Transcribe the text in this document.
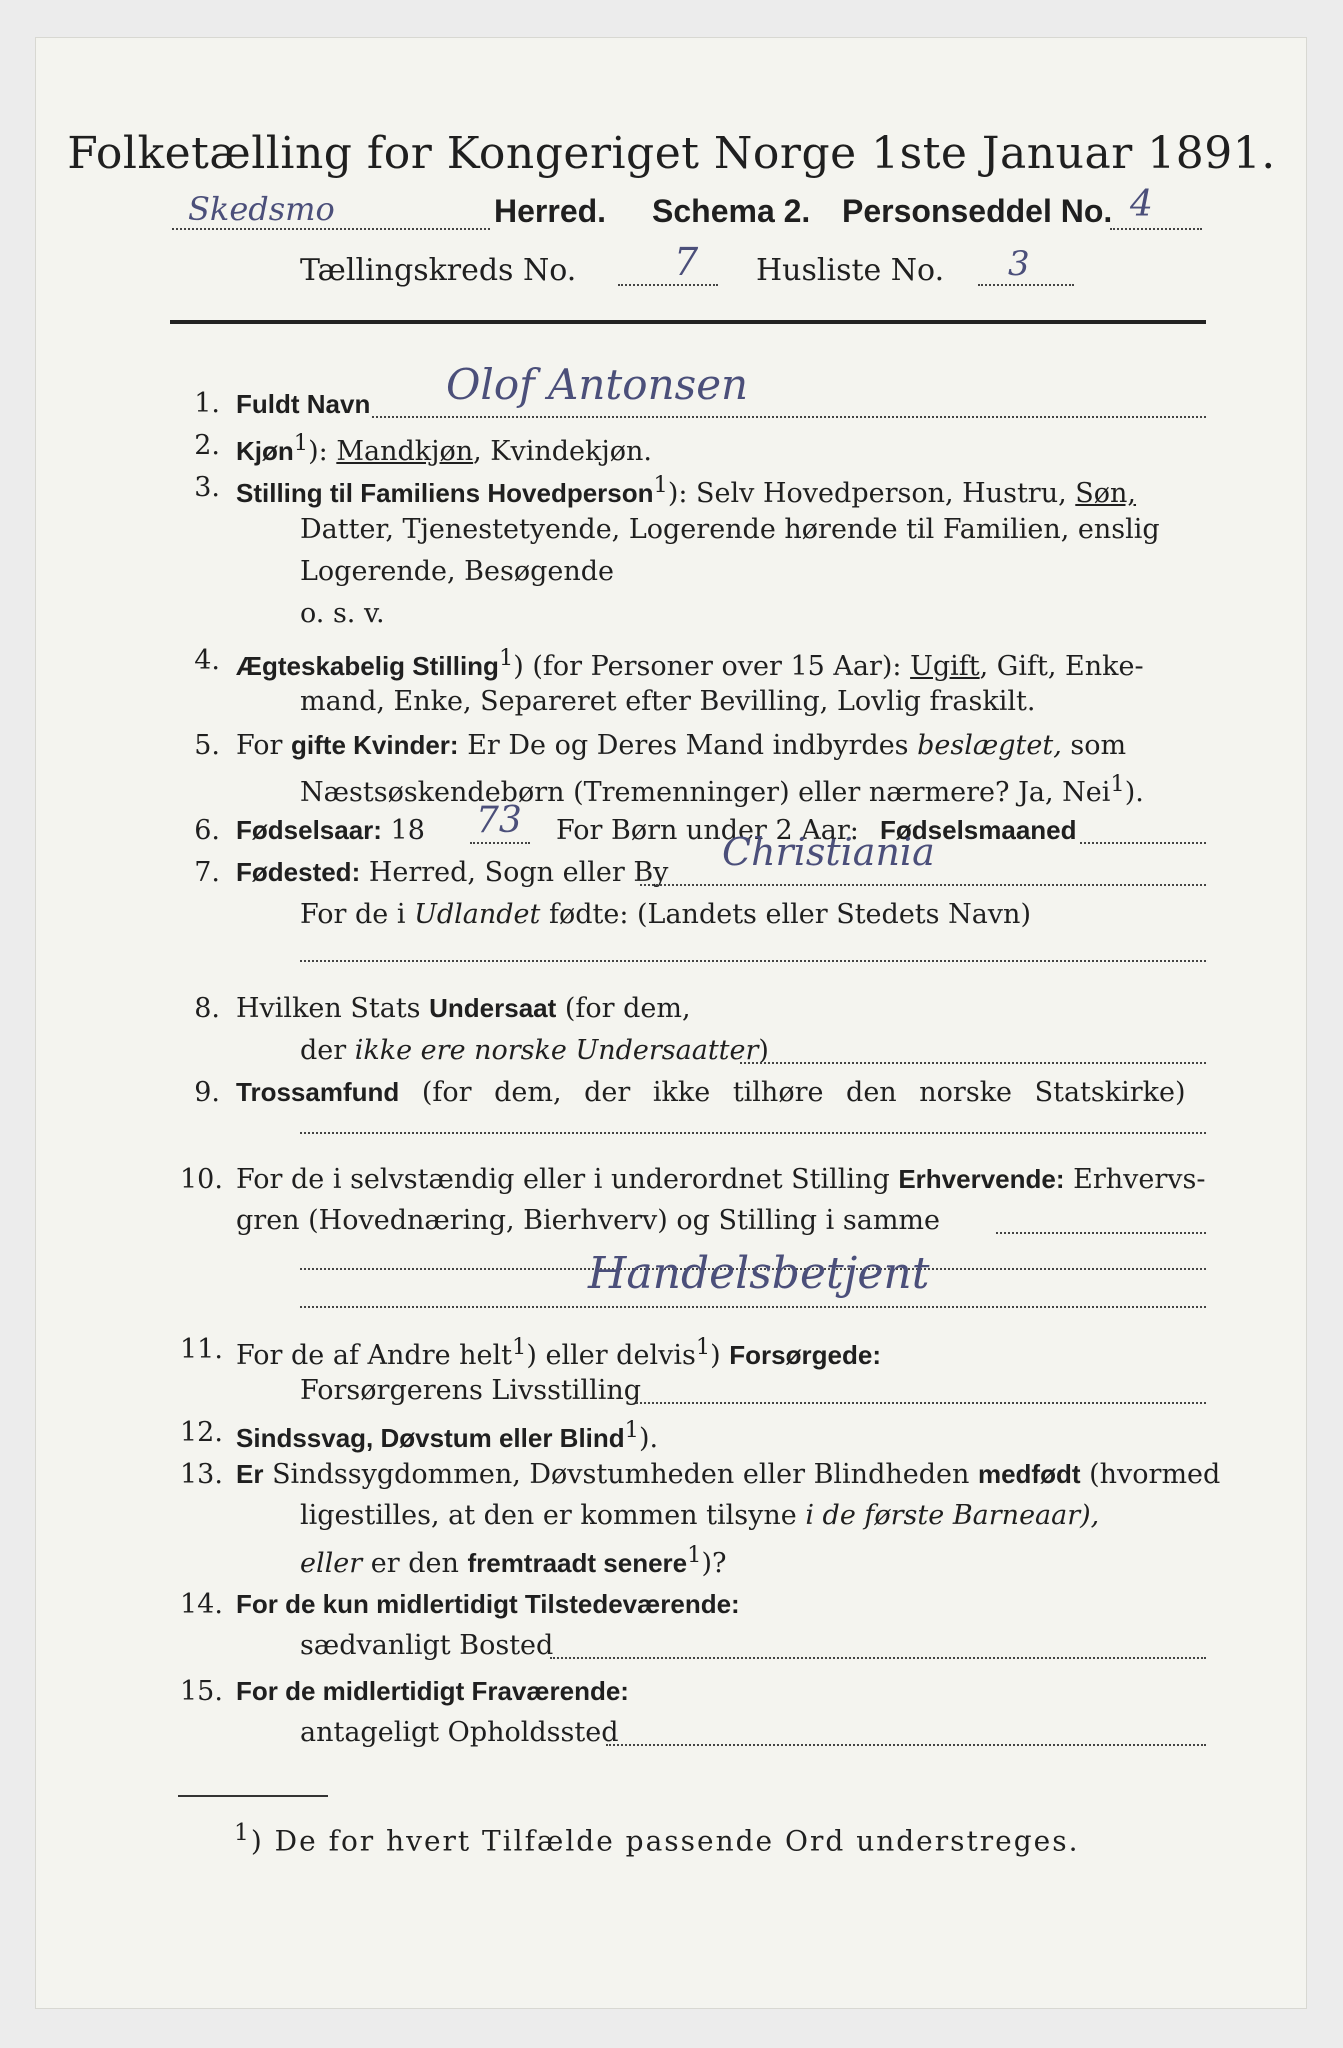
Folketælling for Kongeriget Norge 1ste Januar 1891.
Skedsmo	Herred. Schema 2. Personseddel No. 4
Tællingskreds No.	7 Husliste No. 3
1. Fuldt Navn Olof Antonsen
2. Kjøn$^1$): Mandkjøn, Kvindekjøn.
3. Stilling til Familiens Hovedperson$^1$): Selv Hovedperson, Hustru, Søn,
Datter, Tjenestetyende, Logerende hørende til Familien, enslig
Logerende, Besøgende
o. s. v.
4. Ægteskabelig Stilling$^1$) (for Personer over 15 Aar): Ugift, Gift, Enke-
mand, Enke, Separeret efter Bevilling, Lovlig fraskilt.
5. For gifte Kvinder: Er De og Deres Mand indbyrdes beslægtet, som
Næstsøskendebørn (Tremenninger) eller nærmere? Ja, Nei$^1$).
6. Fødselsaar: 18 73 For Børn under 2 Aar: Fødselsmaaned
7. Fødested: Herred, Sogn eller By Christiania
For de i Udlandet fødte: (Landets eller Stedets Navn)
8. Hvilken Stats Undersaat (for dem,
der ikke ere norske Undersaatter)
9. Trossamfund (for dem, der ikke tilhøre den norske Statskirke)
10. For de i selvstændig eller i underordnet Stilling Erhvervende: Erhvervs-
gren (Hovednæring, Bierhverv) og Stilling i samme
Handelsbetjent
11. For de af Andre helt$^1$) eller delvis$^1$) Forsørgede:
Forsørgerens Livsstilling
12. Sindssvag, Døvstum eller Blind$^1$).
13. Er Sindssygdommen, Døvstumheden eller Blindheden medfødt (hvormed
ligestilles, at den er kommen tilsyne i de første Barneaar),
eller er den fremtraadt senere$^1$)?
14. For de kun midlertidigt Tilstedeværende:
sædvanligt Bosted
15. For de midlertidigt Fraværende:
antageligt Opholdssted
$^1$) De for hvert Tilfælde passende Ord understreges.
